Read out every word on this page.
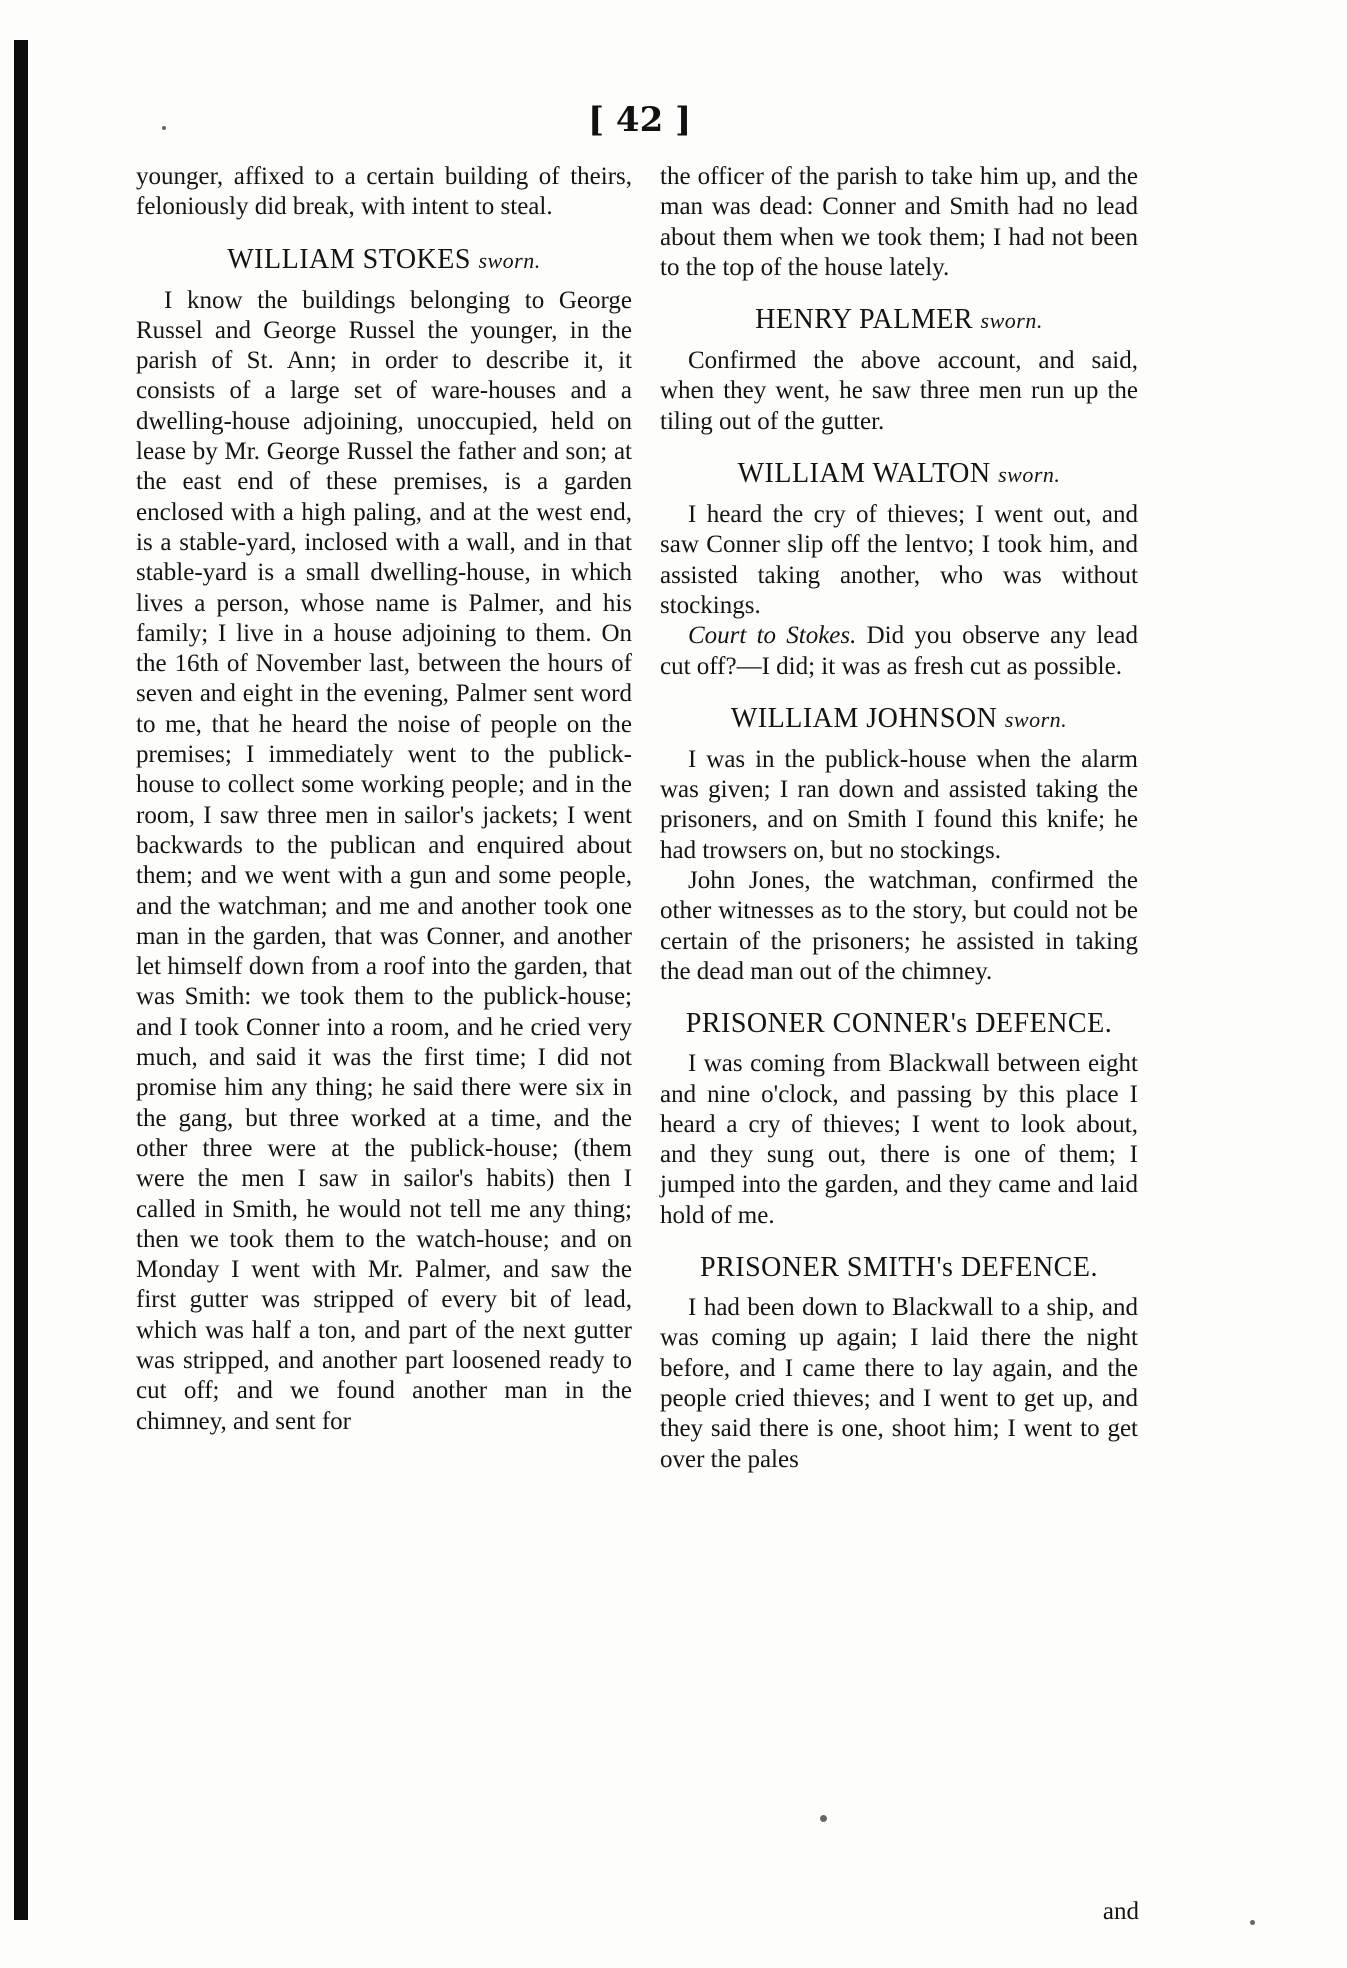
[ 42 ]

younger, affixed to a certain building of theirs, feloniously did break, with intent to steal.

WILLIAM STOKES sworn.

I know the buildings belonging to George Russel and George Russel the younger, in the parish of St. Ann; in order to describe it, it consists of a large set of ware-houses and a dwelling-house adjoining, unoccupied, held on lease by Mr. George Russel the father and son; at the east end of these premises, is a garden enclosed with a high paling, and at the west end, is a stable-yard, inclosed with a wall, and in that stable-yard is a small dwelling-house, in which lives a person, whose name is Palmer, and his family; I live in a house adjoining to them. On the 16th of November last, between the hours of seven and eight in the evening, Palmer sent word to me, that he heard the noise of people on the premises; I immediately went to the publick-house to collect some working people; and in the room, I saw three men in sailor's jackets; I went backwards to the publican and enquired about them; and we went with a gun and some people, and the watchman; and me and another took one man in the garden, that was Conner, and another let himself down from a roof into the garden, that was Smith: we took them to the publick-house; and I took Conner into a room, and he cried very much, and said it was the first time; I did not promise him any thing; he said there were six in the gang, but three worked at a time, and the other three were at the publick-house; (them were the men I saw in sailor's habits) then I called in Smith, he would not tell me any thing; then we took them to the watch-house; and on Monday I went with Mr. Palmer, and saw the first gutter was stripped of every bit of lead, which was half a ton, and part of the next gutter was stripped, and another part loosened ready to cut off; and we found another man in the chimney, and sent for

the officer of the parish to take him up, and the man was dead: Conner and Smith had no lead about them when we took them; I had not been to the top of the house lately.

HENRY PALMER sworn.

Confirmed the above account, and said, when they went, he saw three men run up the tiling out of the gutter.

WILLIAM WALTON sworn.

I heard the cry of thieves; I went out, and saw Conner slip off the lentvo; I took him, and assisted taking another, who was without stockings.

Court to Stokes. Did you observe any lead cut off?—I did; it was as fresh cut as possible.

WILLIAM JOHNSON sworn.

I was in the publick-house when the alarm was given; I ran down and assisted taking the prisoners, and on Smith I found this knife; he had trowsers on, but no stockings.

John Jones, the watchman, confirmed the other witnesses as to the story, but could not be certain of the prisoners; he assisted in taking the dead man out of the chimney.

PRISONER CONNER's DEFENCE.

I was coming from Blackwall between eight and nine o'clock, and passing by this place I heard a cry of thieves; I went to look about, and they sung out, there is one of them; I jumped into the garden, and they came and laid hold of me.

PRISONER SMITH's DEFENCE.

I had been down to Blackwall to a ship, and was coming up again; I laid there the night before, and I came there to lay again, and the people cried thieves; and I went to get up, and they said there is one, shoot him; I went to get over the pales

and
